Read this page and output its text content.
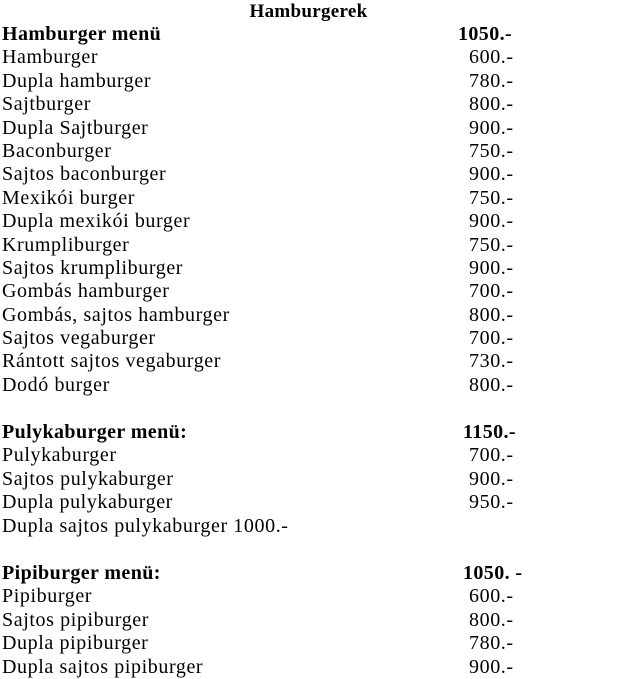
Hamburgerek
Hamburger menü	1050.-
Hamburger	600.-
Dupla hamburger	780.-
Sajtburger	800.-
Dupla Sajtburger	900.-
Baconburger	750.-
Sajtos baconburger	900.-
Mexikói burger	750.-
Dupla mexikói burger	900.-
Krumpliburger	750.-
Sajtos krumpliburger	900.-
Gombás hamburger	700.-
Gombás, sajtos hamburger	800.-
Sajtos vegaburger	700.-
Rántott sajtos vegaburger	730.-
Dodó burger	800.-
Pulykaburger menü:	1150.-
Pulykaburger	700.-
Sajtos pulykaburger	900.-
Dupla pulykaburger	950.-
Dupla sajtos pulykaburger 1000.-
Pipiburger menü:	1050. -
Pipiburger	600.-
Sajtos pipiburger	800.-
Dupla pipiburger	780.-
Dupla sajtos pipiburger	900.-
